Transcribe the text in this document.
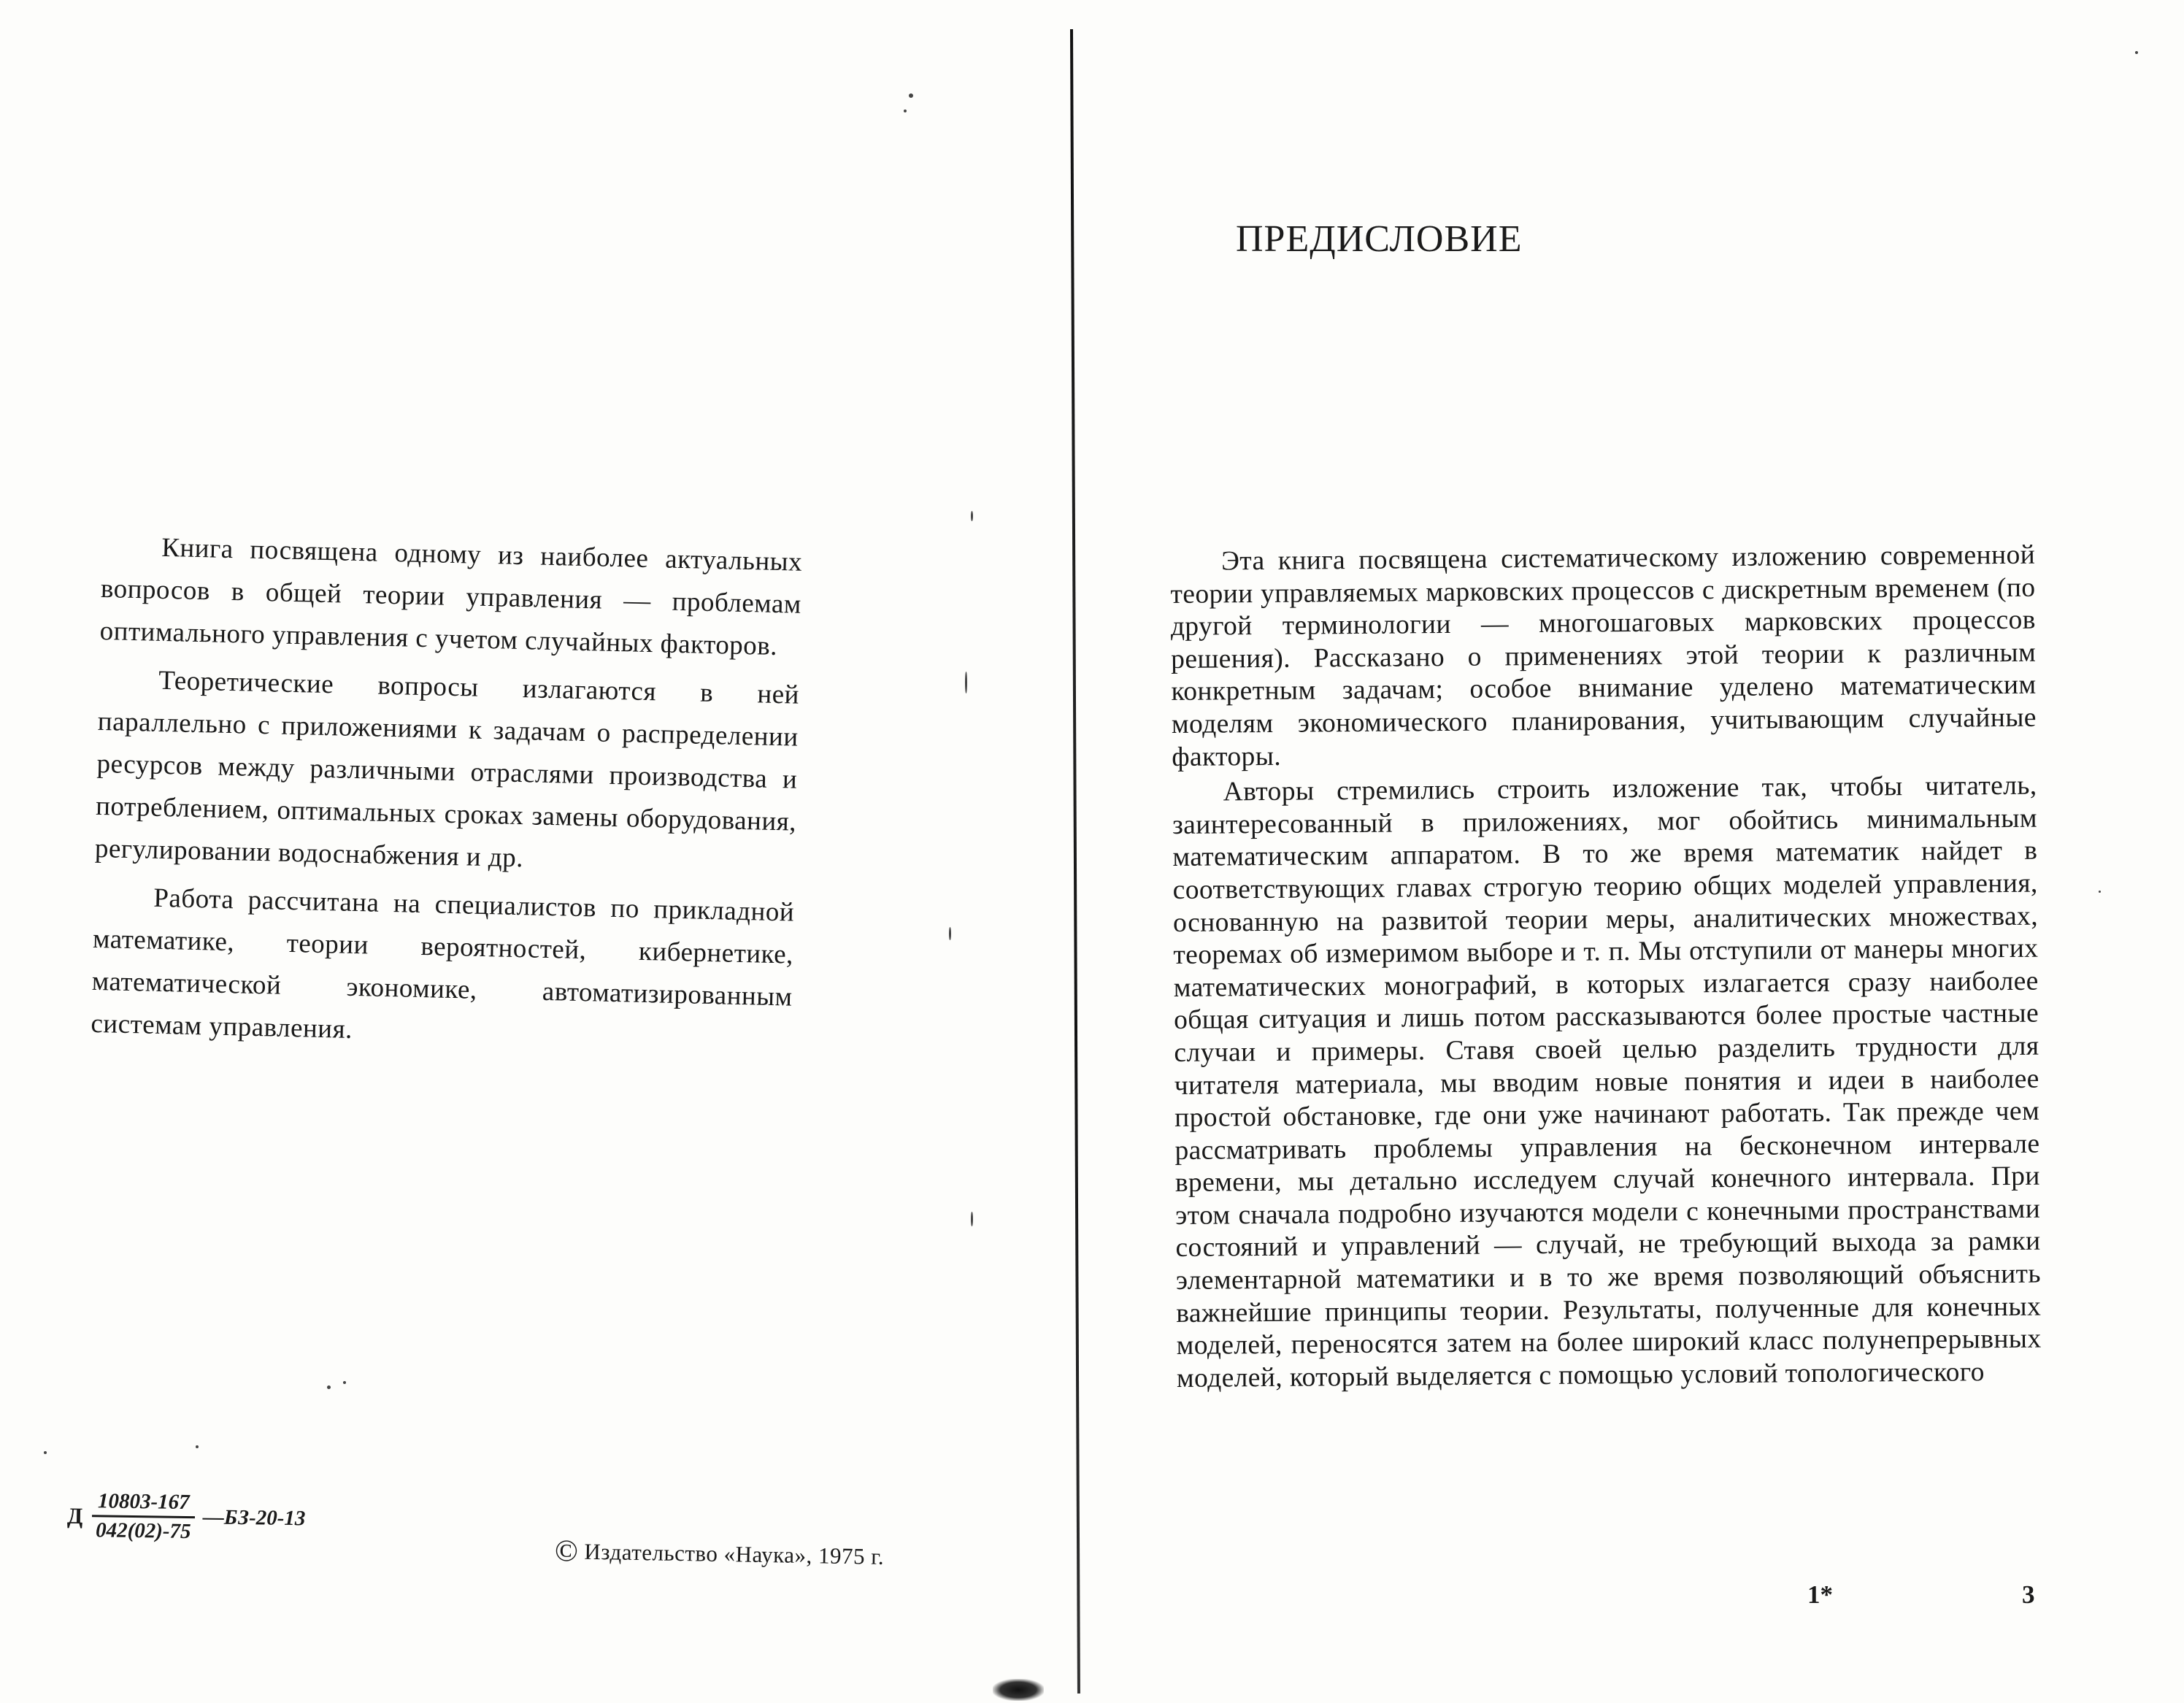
Книга посвящена одному из наиболее актуальных вопросов в общей теории управления — проблемам оптимального управления с учетом случайных факторов.

Теоретические вопросы излагаются в ней параллельно с приложениями к задачам о распределении ресурсов между различными отраслями производства и потреблением, оптимальных сроках замены оборудования, регулировании водоснабжения и др.

Работа рассчитана на специалистов по прикладной математике, теории вероятностей, кибернетике, математической экономике, автоматизированным системам управления.

Д $\frac{10803-167}{042(02)-75}$ —БЗ-20-13
© Издательство «Наука», 1975 г.
ПРЕДИСЛОВИЕ

Эта книга посвящена систематическому изложению современной теории управляемых марковских процессов с дискретным временем (по другой терминологии — многошаговых марковских процессов решения). Рассказано о применениях этой теории к различным конкретным задачам; особое внимание уделено математическим моделям экономического планирования, учитывающим случайные факторы.

Авторы стремились строить изложение так, чтобы читатель, заинтересованный в приложениях, мог обойтись минимальным математическим аппаратом. В то же время математик найдет в соответствующих главах строгую теорию общих моделей управления, основанную на развитой теории меры, аналитических множествах, теоремах об измеримом выборе и т. п. Мы отступили от манеры многих математических монографий, в которых излагается сразу наиболее общая ситуация и лишь потом рассказываются более простые частные случаи и примеры. Ставя своей целью разделить трудности для читателя материала, мы вводим новые понятия и идеи в наиболее простой обстановке, где они уже начинают работать. Так прежде чем рассматривать проблемы управления на бесконечном интервале времени, мы детально исследуем случай конечного интервала. При этом сначала подробно изучаются модели с конечными пространствами состояний и управлений — случай, не требующий выхода за рамки элементарной математики и в то же время позволяющий объяснить важнейшие принципы теории. Результаты, полученные для конечных моделей, переносятся затем на более широкий класс полунепрерывных моделей, который выделяется с помощью условий топологического

1*	3
